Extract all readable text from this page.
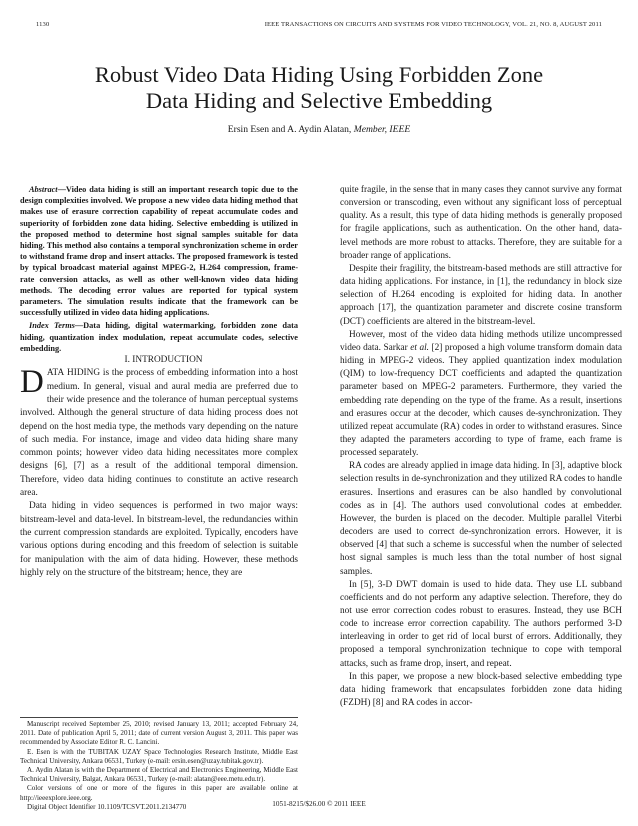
1130	IEEE TRANSACTIONS ON CIRCUITS AND SYSTEMS FOR VIDEO TECHNOLOGY, VOL. 21, NO. 8, AUGUST 2011
Robust Video Data Hiding Using Forbidden Zone
Data Hiding and Selective Embedding
Ersin Esen and A. Aydin Alatan, Member, IEEE

Abstract—Video data hiding is still an important research topic due to the design complexities involved. We propose a new video data hiding method that makes use of erasure correction capability of repeat accumulate codes and superiority of forbidden zone data hiding. Selective embedding is utilized in the proposed method to determine host signal samples suitable for data hiding. This method also contains a temporal synchronization scheme in order to withstand frame drop and insert attacks. The proposed framework is tested by typical broadcast material against MPEG-2, H.264 compression, frame-rate conversion attacks, as well as other well-known video data hiding methods. The decoding error values are reported for typical system parameters. The simulation results indicate that the framework can be successfully utilized in video data hiding applications.

Index Terms—Data hiding, digital watermarking, forbidden zone data hiding, quantization index modulation, repeat accumulate codes, selective embedding.

I. INTRODUCTION

DATA HIDING is the process of embedding information into a host medium. In general, visual and aural media are preferred due to their wide presence and the tolerance of human perceptual systems involved. Although the general structure of data hiding process does not depend on the host media type, the methods vary depending on the nature of such media. For instance, image and video data hiding share many common points; however video data hiding necessitates more complex designs [6], [7] as a result of the additional temporal dimension. Therefore, video data hiding continues to constitute an active research area.

Data hiding in video sequences is performed in two major ways: bitstream-level and data-level. In bitstream-level, the redundancies within the current compression standards are exploited. Typically, encoders have various options during encoding and this freedom of selection is suitable for manipulation with the aim of data hiding. However, these methods highly rely on the structure of the bitstream; hence, they are

Manuscript received September 25, 2010; revised January 13, 2011; accepted February 24, 2011. Date of publication April 5, 2011; date of current version August 3, 2011. This paper was recommended by Associate Editor R. C. Lancini.

E. Esen is with the TUBITAK UZAY Space Technologies Research Institute, Middle East Technical University, Ankara 06531, Turkey (e-mail: ersin.esen@uzay.tubitak.gov.tr).

A. Aydin Alatan is with the Department of Electrical and Electronics Engineering, Middle East Technical University, Balgat, Ankara 06531, Turkey (e-mail: alatan@eee.metu.edu.tr).

Color versions of one or more of the figures in this paper are available online at http://ieeexplore.ieee.org.

Digital Object Identifier 10.1109/TCSVT.2011.2134770

quite fragile, in the sense that in many cases they cannot survive any format conversion or transcoding, even without any significant loss of perceptual quality. As a result, this type of data hiding methods is generally proposed for fragile applications, such as authentication. On the other hand, data-level methods are more robust to attacks. Therefore, they are suitable for a broader range of applications.

Despite their fragility, the bitstream-based methods are still attractive for data hiding applications. For instance, in [1], the redundancy in block size selection of H.264 encoding is exploited for hiding data. In another approach [17], the quantization parameter and discrete cosine transform (DCT) coefficients are altered in the bitstream-level.

However, most of the video data hiding methods utilize uncompressed video data. Sarkar et al. [2] proposed a high volume transform domain data hiding in MPEG-2 videos. They applied quantization index modulation (QIM) to low-frequency DCT coefficients and adapted the quantization parameter based on MPEG-2 parameters. Furthermore, they varied the embedding rate depending on the type of the frame. As a result, insertions and erasures occur at the decoder, which causes de-synchronization. They utilized repeat accumulate (RA) codes in order to withstand erasures. Since they adapted the parameters according to type of frame, each frame is processed separately.

RA codes are already applied in image data hiding. In [3], adaptive block selection results in de-synchronization and they utilized RA codes to handle erasures. Insertions and erasures can be also handled by convolutional codes as in [4]. The authors used convolutional codes at embedder. However, the burden is placed on the decoder. Multiple parallel Viterbi decoders are used to correct de-synchronization errors. However, it is observed [4] that such a scheme is successful when the number of selected host signal samples is much less than the total number of host signal samples.

In [5], 3-D DWT domain is used to hide data. They use LL subband coefficients and do not perform any adaptive selection. Therefore, they do not use error correction codes robust to erasures. Instead, they use BCH code to increase error correction capability. The authors performed 3-D interleaving in order to get rid of local burst of errors. Additionally, they proposed a temporal synchronization technique to cope with temporal attacks, such as frame drop, insert, and repeat.

In this paper, we propose a new block-based selective embedding type data hiding framework that encapsulates forbidden zone data hiding (FZDH) [8] and RA codes in accor-

1051-8215/$26.00 © 2011 IEEE
